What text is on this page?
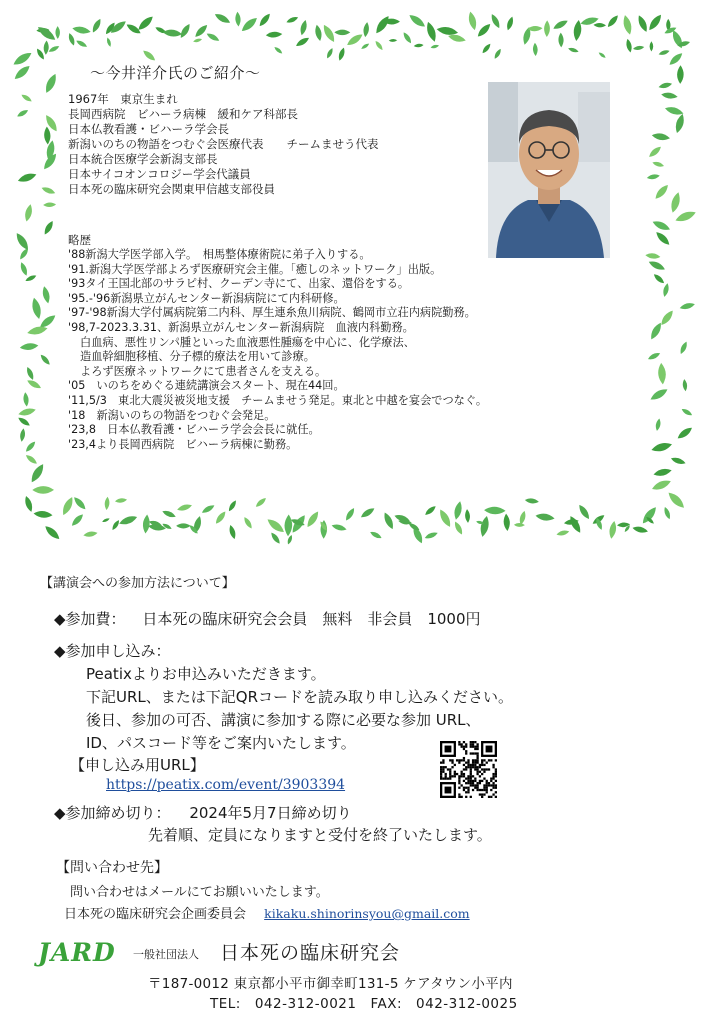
〜今井洋介氏のご紹介〜
1967年　東京生まれ
長岡西病院　ビハーラ病棟　緩和ケア科部長
日本仏教看護・ビハーラ学会長
新潟いのちの物語をつむぐ会医療代表　　チームませう代表
日本統合医療学会新潟支部長
日本サイコオンコロジー学会代議員
日本死の臨床研究会関東甲信越支部役員
略歴
'88新潟大学医学部入学。　相馬整体療術院に弟子入りする。
'91.新潟大学医学部よろず医療研究会主催。「癒しのネットワーク」出版。
'93タイ王国北部のサラピ村、クーデン寺にて、出家、還俗をする。
'95.-'96新潟県立がんセンター新潟病院にて内科研修。
'97-'98新潟大学付属病院第二内科、厚生連糸魚川病院、鶴岡市立荘内病院勤務。
'98,7-2023.3.31、新潟県立がんセンター新潟病院　血液内科勤務。
白血病、悪性リンパ腫といった血液悪性腫瘍を中心に、化学療法、
造血幹細胞移植、分子標的療法を用いて診療。
よろず医療ネットワークにて患者さんを支える。
'05　いのちをめぐる連続講演会スタート、現在44回。
'11,5/3　東北大震災被災地支援　チームませう発足。東北と中越を宴会でつなぐ。
'18　新潟いのちの物語をつむぐ会発足。
'23,8　日本仏教看護・ビハーラ学会会長に就任。
'23,4より長岡西病院　ビハーラ病棟に勤務。
【講演会への参加方法について】
◆参加費： 日本死の臨床研究会会員　無料　非会員　1000円
◆参加申し込み：
Peatixよりお申込みいただきます。
下記URL、または下記QRコードを読み取り申し込みください。
後日、参加の可否、講演に参加する際に必要な参加 URL、
ID、パスコード等をご案内いたします。
【申し込み用URL】
https://peatix.com/event/3903394
◆参加締め切り： 2024年5月7日締め切り
先着順、定員になりますと受付を終了いたします。
【問い合わせ先】
問い合わせはメールにてお願いいたします。
日本死の臨床研究会企画委員会 kikaku.shinorinsyou@gmail.com
JARD 一般社団法人 日本死の臨床研究会
〒187-0012 東京都小平市御幸町131-5 ケアタウン小平内
TEL:　042-312-0021　FAX:　042-312-0025
